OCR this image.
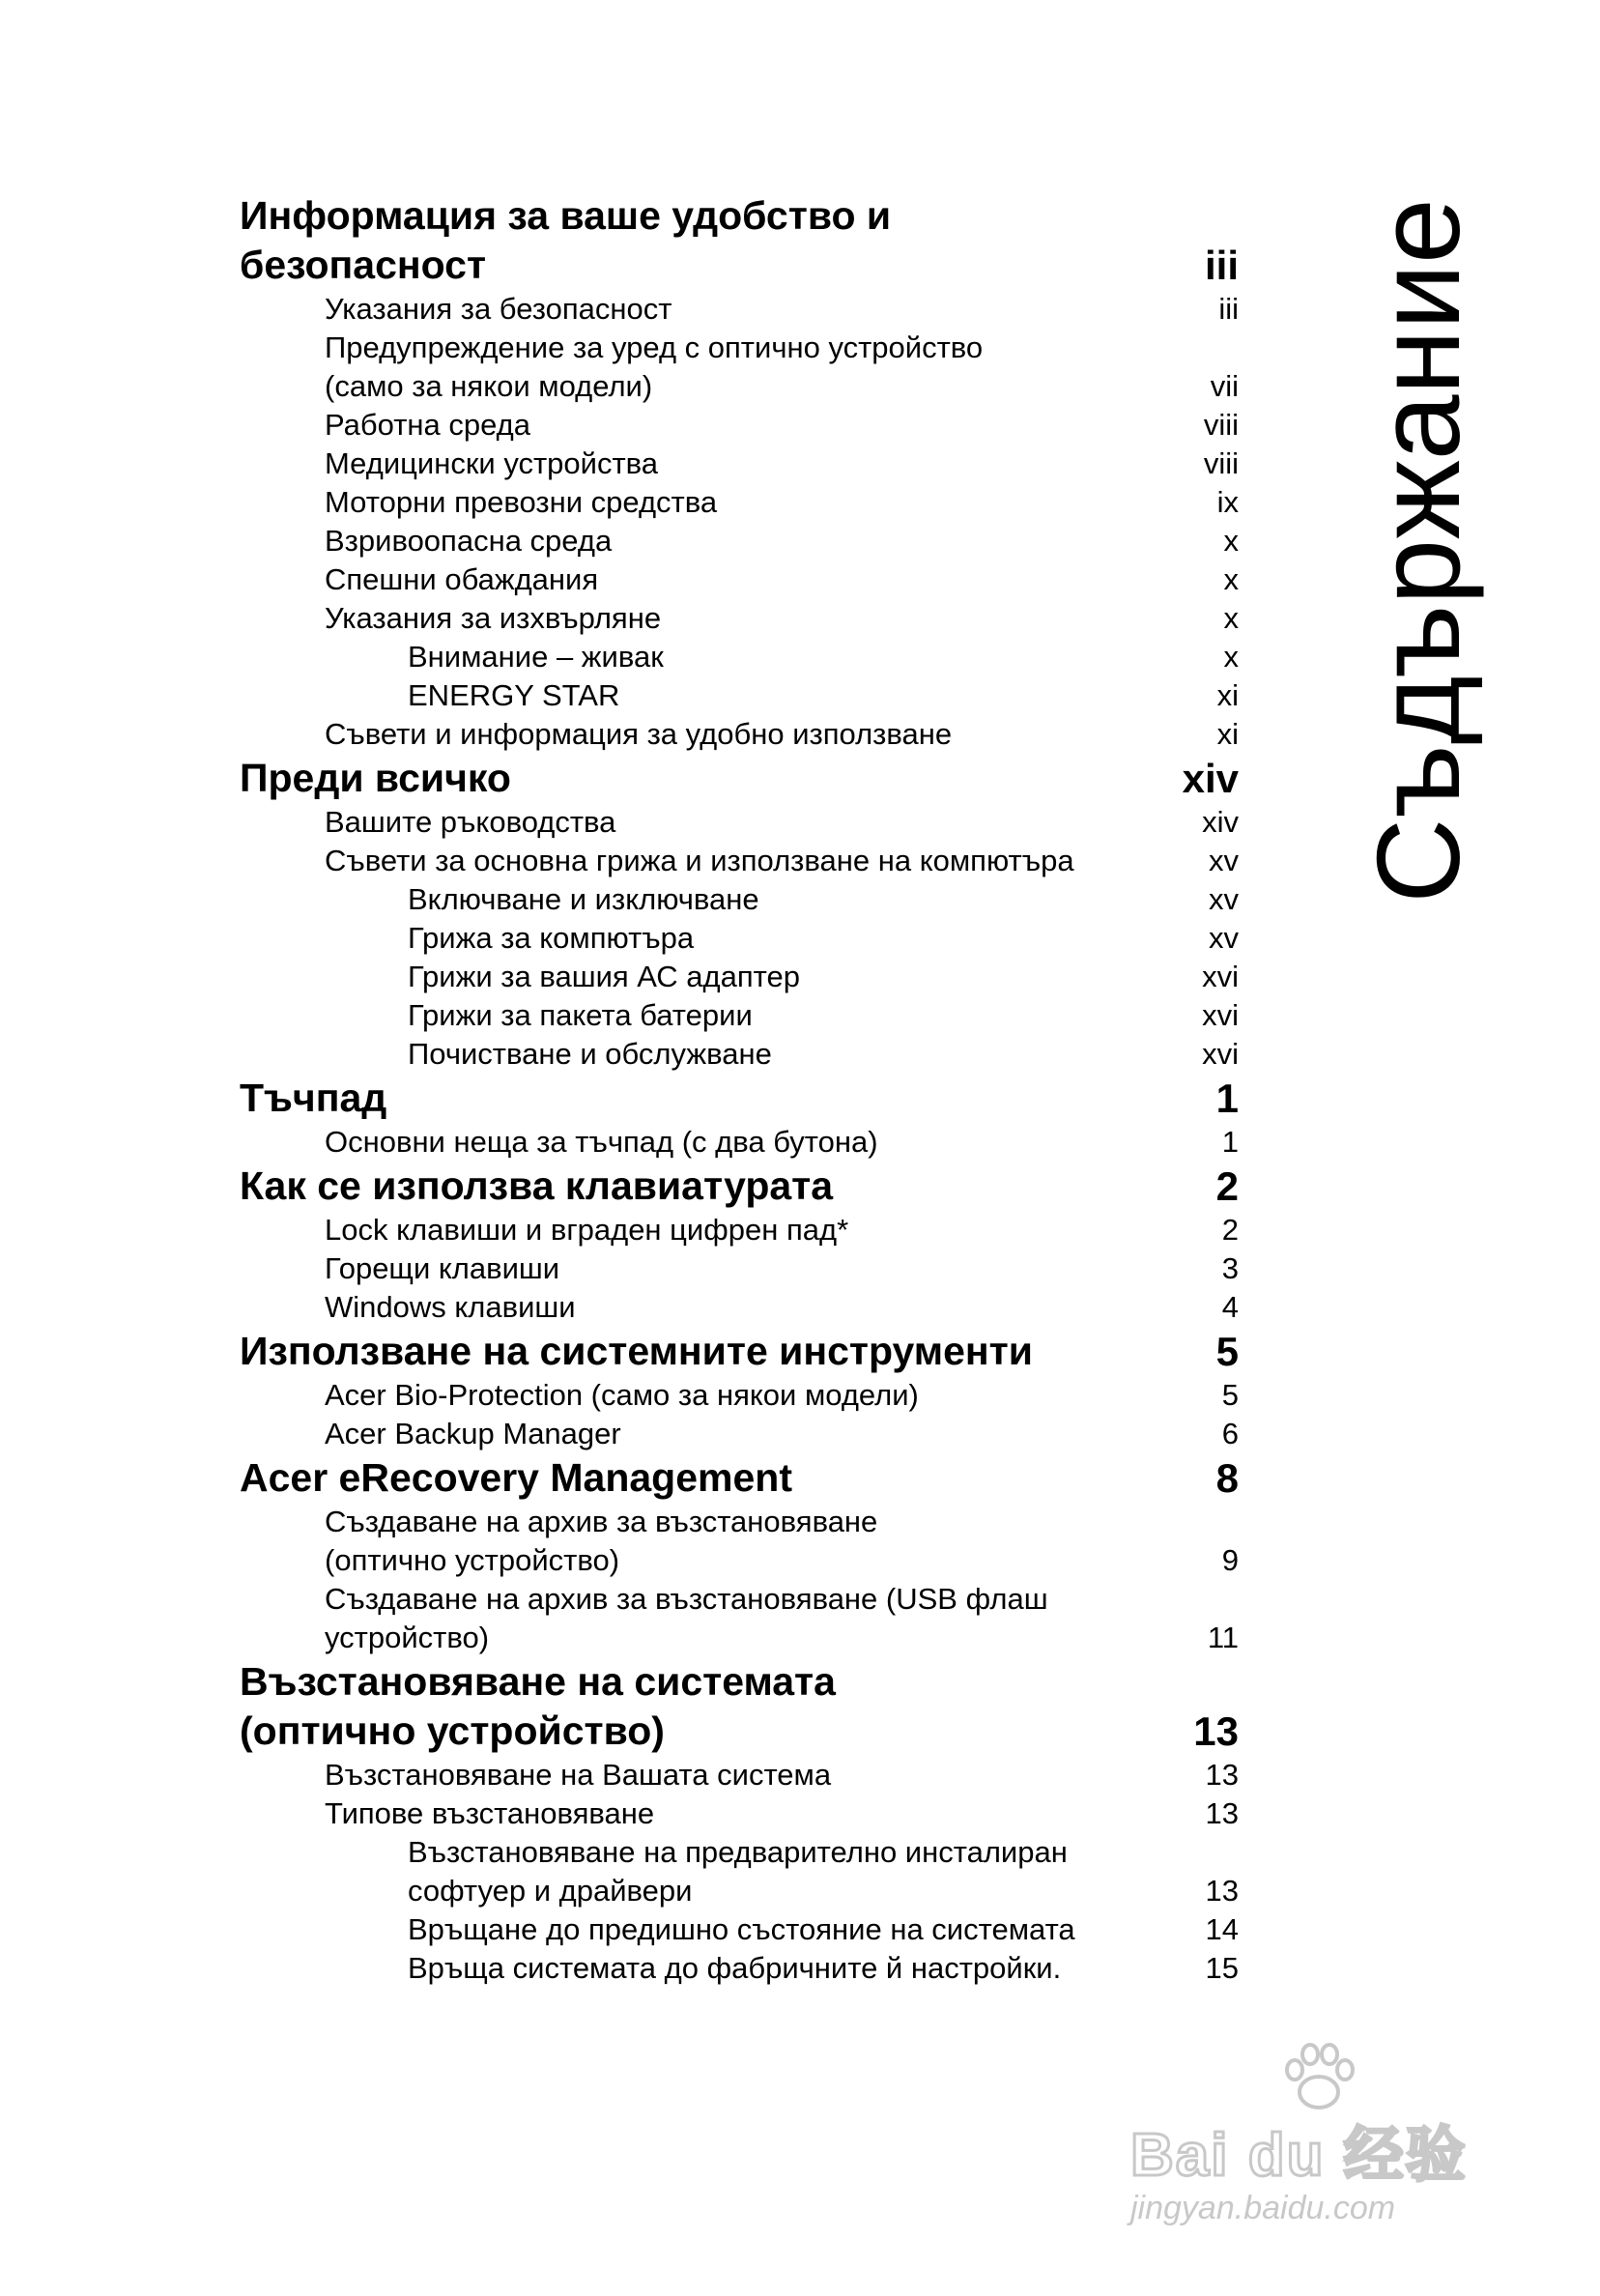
Информация за ваше удобство и
безопасност	iii
Указания за безопасност	iii
Предупреждение за уред с оптично устройство
(само за някои модели)	vii
Работна среда	viii
Медицински устройства	viii
Моторни превозни средства	ix
Взривоопасна среда	x
Спешни обаждания	x
Указания за изхвърляне	x
Внимание – живак	x
ENERGY STAR	xi
Съвети и информация за удобно използване	xi
Преди всичко	xiv
Вашите ръководства	xiv
Съвети за основна грижа и използване на компютъра	xv
Включване и изключване	xv
Грижа за компютъра	xv
Грижи за вашия АС адаптер	xvi
Грижи за пакета батерии	xvi
Почистване и обслужване	xvi
Тъчпад	1
Основни неща за тъчпад (с два бутона)	1
Как се използва клавиатурата	2
Lock клавиши и вграден цифрен пад*	2
Горещи клавиши	3
Windows клавиши	4
Използване на системните инструменти	5
Acer Bio-Protection (само за някои модели)	5
Acer Backup Manager	6
Acer eRecovery Management	8
Създаване на архив за възстановяване
(оптично устройство)	9
Създаване на архив за възстановяване (USB флаш
устройство)	11
Възстановяване на системата
(оптично устройство)	13
Възстановяване на Вашата система	13
Типове възстановяване	13
Възстановяване на предварително инсталиран
софтуер и драйвери	13
Връщане до предишно състояние на системата	14
Връща системата до фабричните й настройки.	15
Съдържание
Bai du 经验
jingyan.baidu.com
